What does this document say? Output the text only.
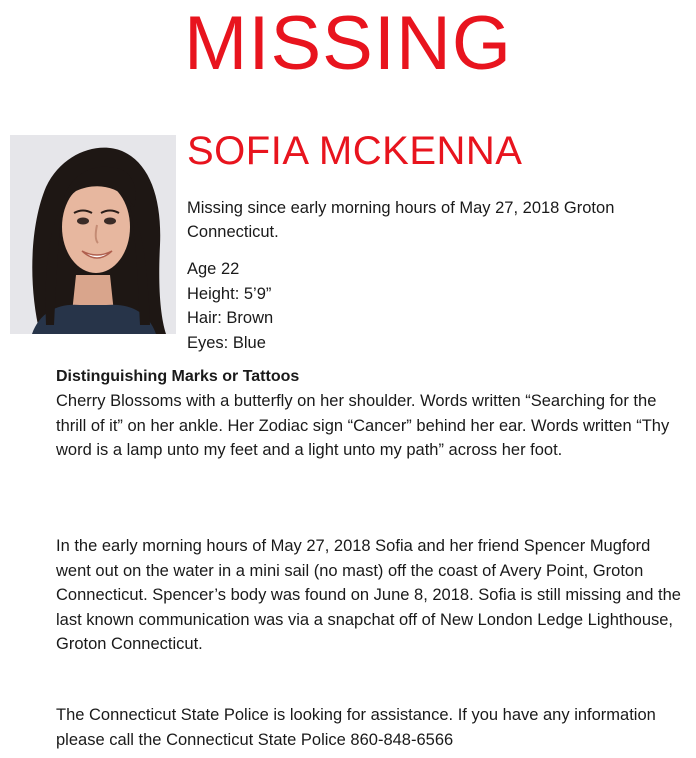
MISSING
SOFIA MCKENNA
Missing since early morning hours of May 27, 2018 Groton Connecticut.
Age 22
Height: 5’9”
Hair: Brown
Eyes: Blue
Distinguishing Marks or Tattoos
Cherry Blossoms with a butterfly on her shoulder. Words written “Searching for the thrill of it” on her ankle. Her Zodiac sign “Cancer” behind her ear. Words written “Thy word is a lamp unto my feet and a light unto my path” across her foot.
In the early morning hours of May 27, 2018 Sofia and her friend Spencer Mugford went out on the water in a mini sail (no mast) off the coast of Avery Point, Groton Connecticut. Spencer’s body was found on June 8, 2018. Sofia is still missing and the last known communication was via a snapchat off of New London Ledge Lighthouse, Groton Connecticut.
The Connecticut State Police is looking for assistance. If you have any information please call the Connecticut State Police 860-848-6566
